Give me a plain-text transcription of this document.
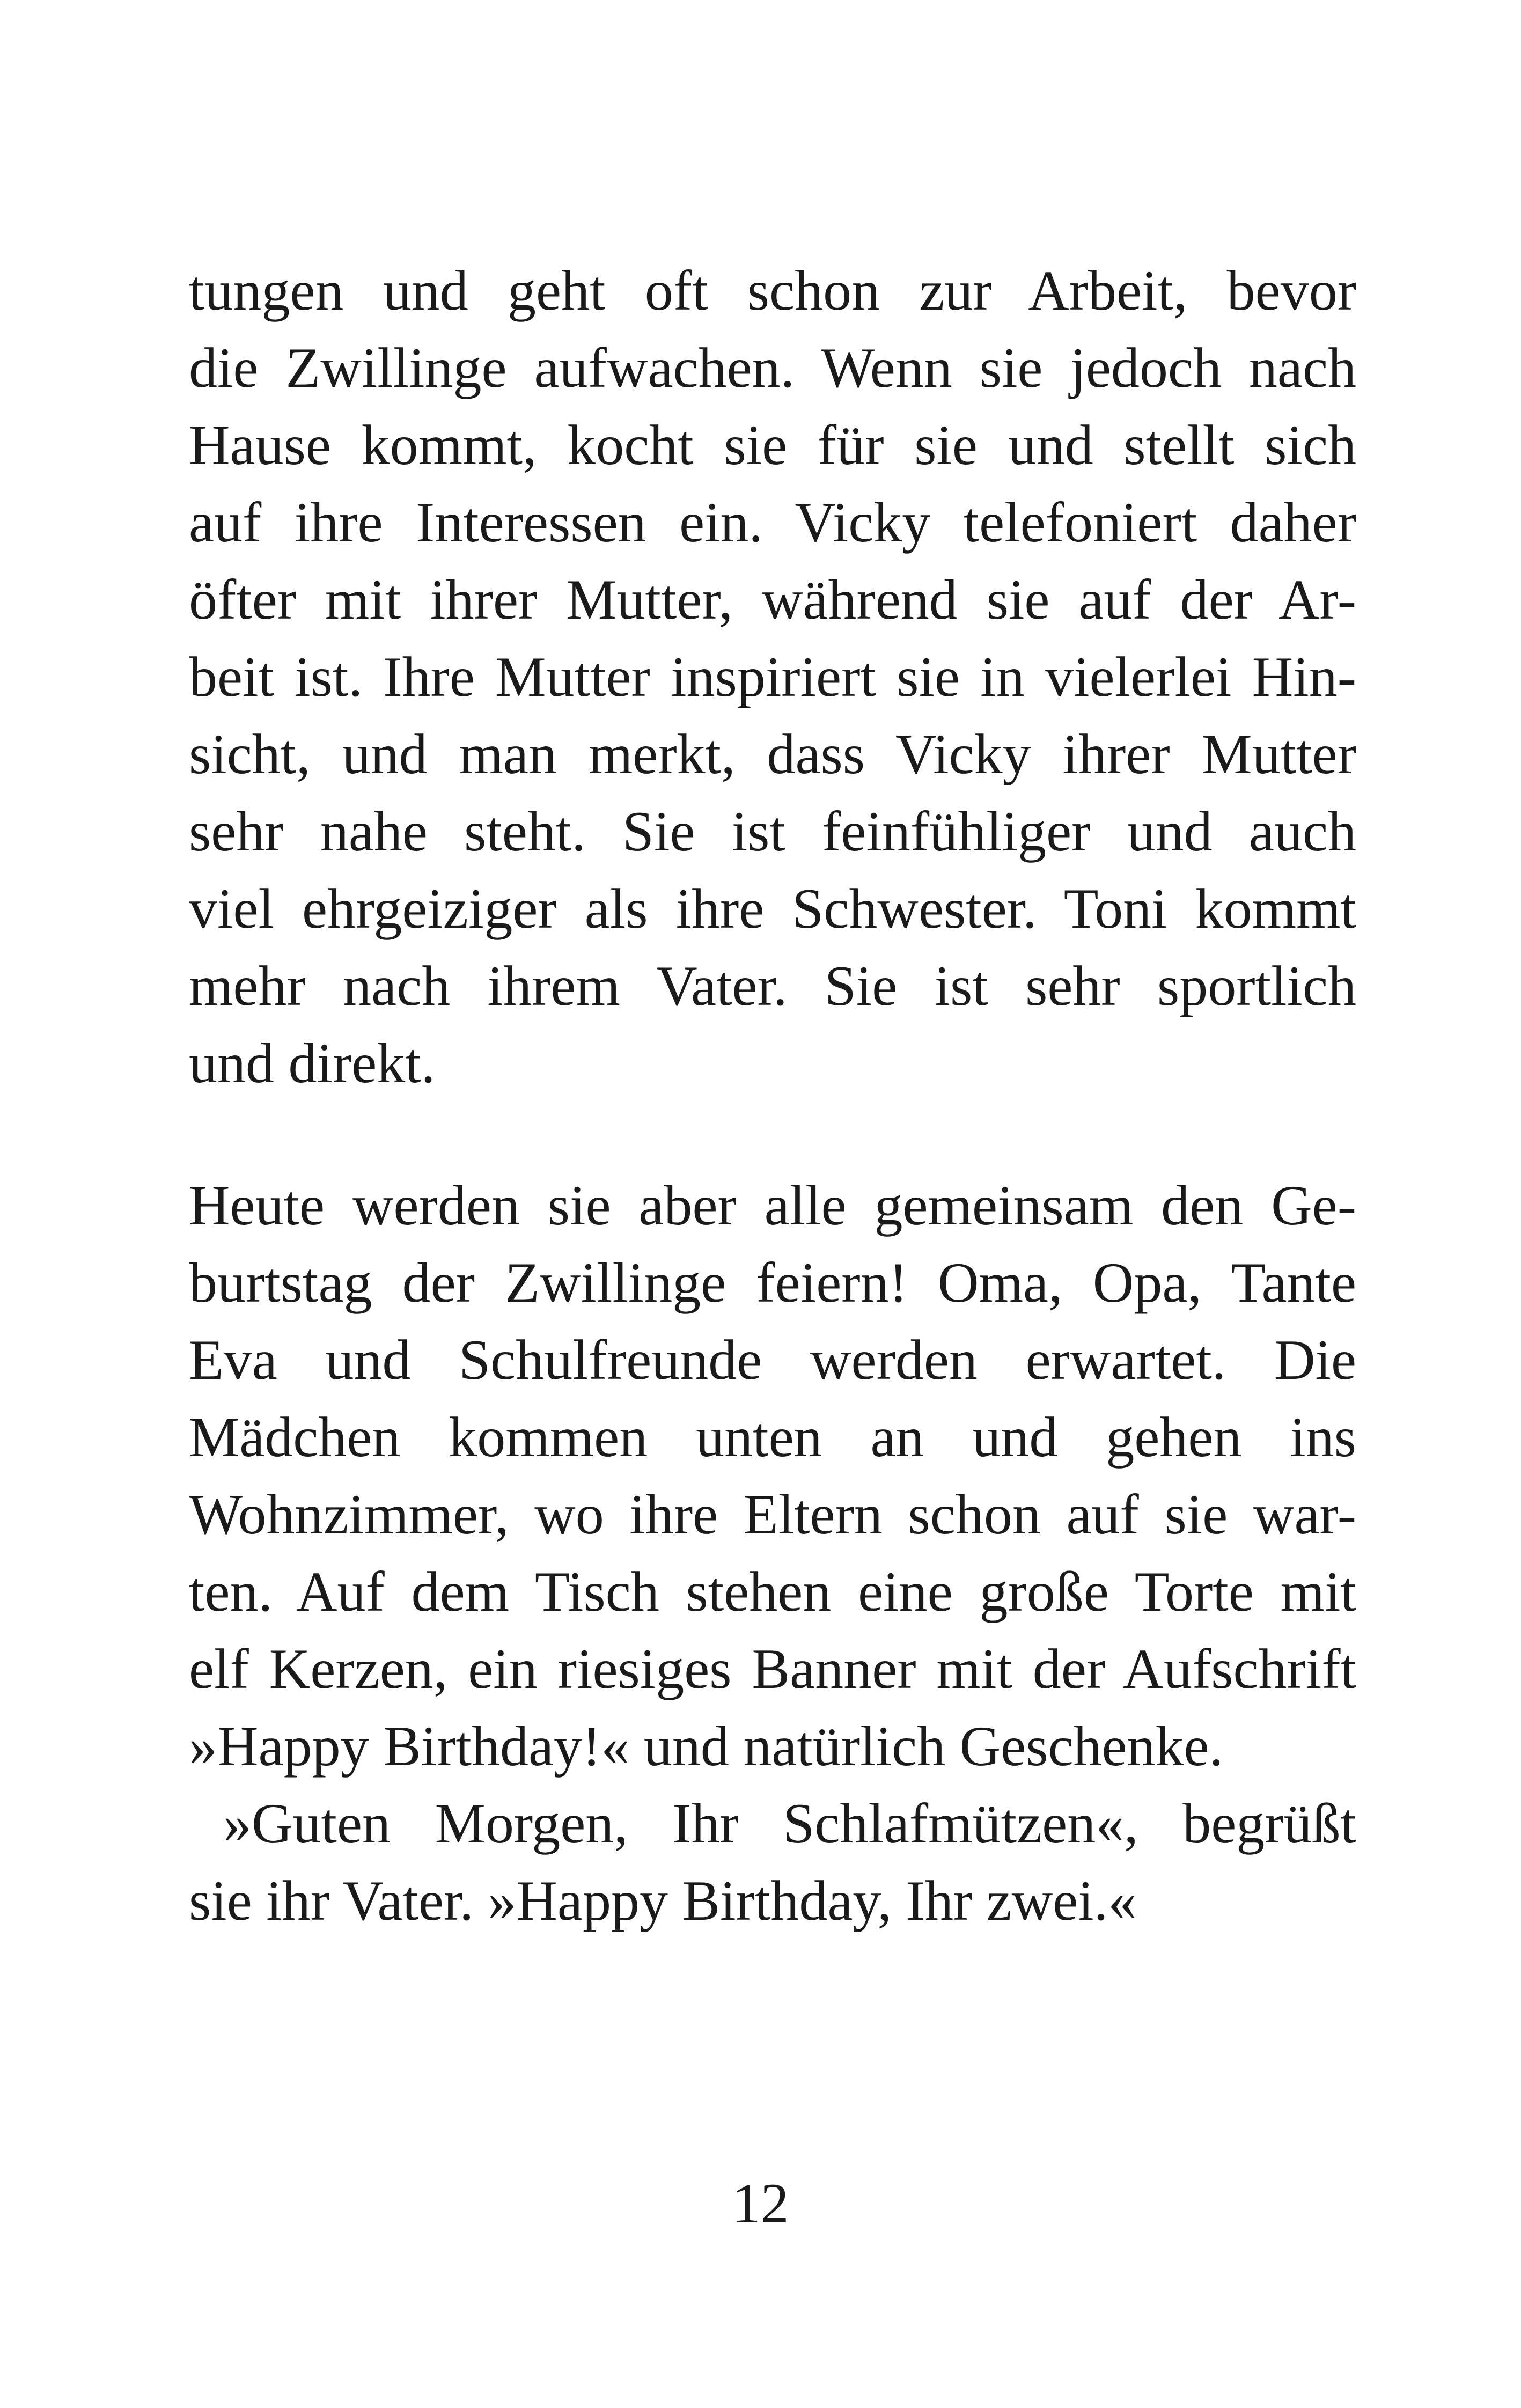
tungen und geht oft schon zur Arbeit, bevor
die Zwillinge aufwachen. Wenn sie jedoch nach
Hause kommt, kocht sie für sie und stellt sich
auf ihre Interessen ein. Vicky telefoniert daher
öfter mit ihrer Mutter, während sie auf der Ar-
beit ist. Ihre Mutter inspiriert sie in vielerlei Hin-
sicht, und man merkt, dass Vicky ihrer Mutter
sehr nahe steht. Sie ist feinfühliger und auch
viel ehrgeiziger als ihre Schwester. Toni kommt
mehr nach ihrem Vater. Sie ist sehr sportlich
und direkt.
Heute werden sie aber alle gemeinsam den Ge-
burtstag der Zwillinge feiern! Oma, Opa, Tante
Eva und Schulfreunde werden erwartet. Die
Mädchen kommen unten an und gehen ins
Wohnzimmer, wo ihre Eltern schon auf sie war-
ten. Auf dem Tisch stehen eine große Torte mit
elf Kerzen, ein riesiges Banner mit der Aufschrift
»Happy Birthday!« und natürlich Geschenke.
»Guten Morgen, Ihr Schlafmützen«, begrüßt
sie ihr Vater. »Happy Birthday, Ihr zwei.«
12
